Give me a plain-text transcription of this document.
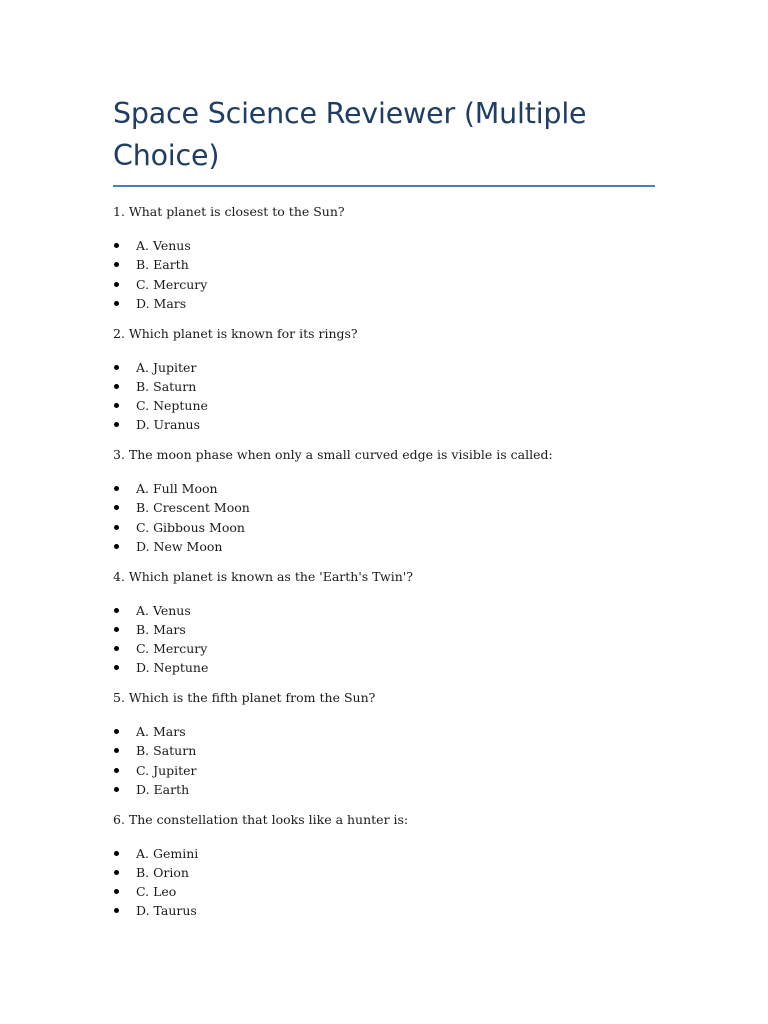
Space Science Reviewer (Multiple Choice)

1. What planet is closest to the Sun?

A. Venus
B. Earth
C. Mercury
D. Mars

2. Which planet is known for its rings?

A. Jupiter
B. Saturn
C. Neptune
D. Uranus

3. The moon phase when only a small curved edge is visible is called:

A. Full Moon
B. Crescent Moon
C. Gibbous Moon
D. New Moon

4. Which planet is known as the 'Earth's Twin'?

A. Venus
B. Mars
C. Mercury
D. Neptune

5. Which is the fifth planet from the Sun?

A. Mars
B. Saturn
C. Jupiter
D. Earth

6. The constellation that looks like a hunter is:

A. Gemini
B. Orion
C. Leo
D. Taurus
